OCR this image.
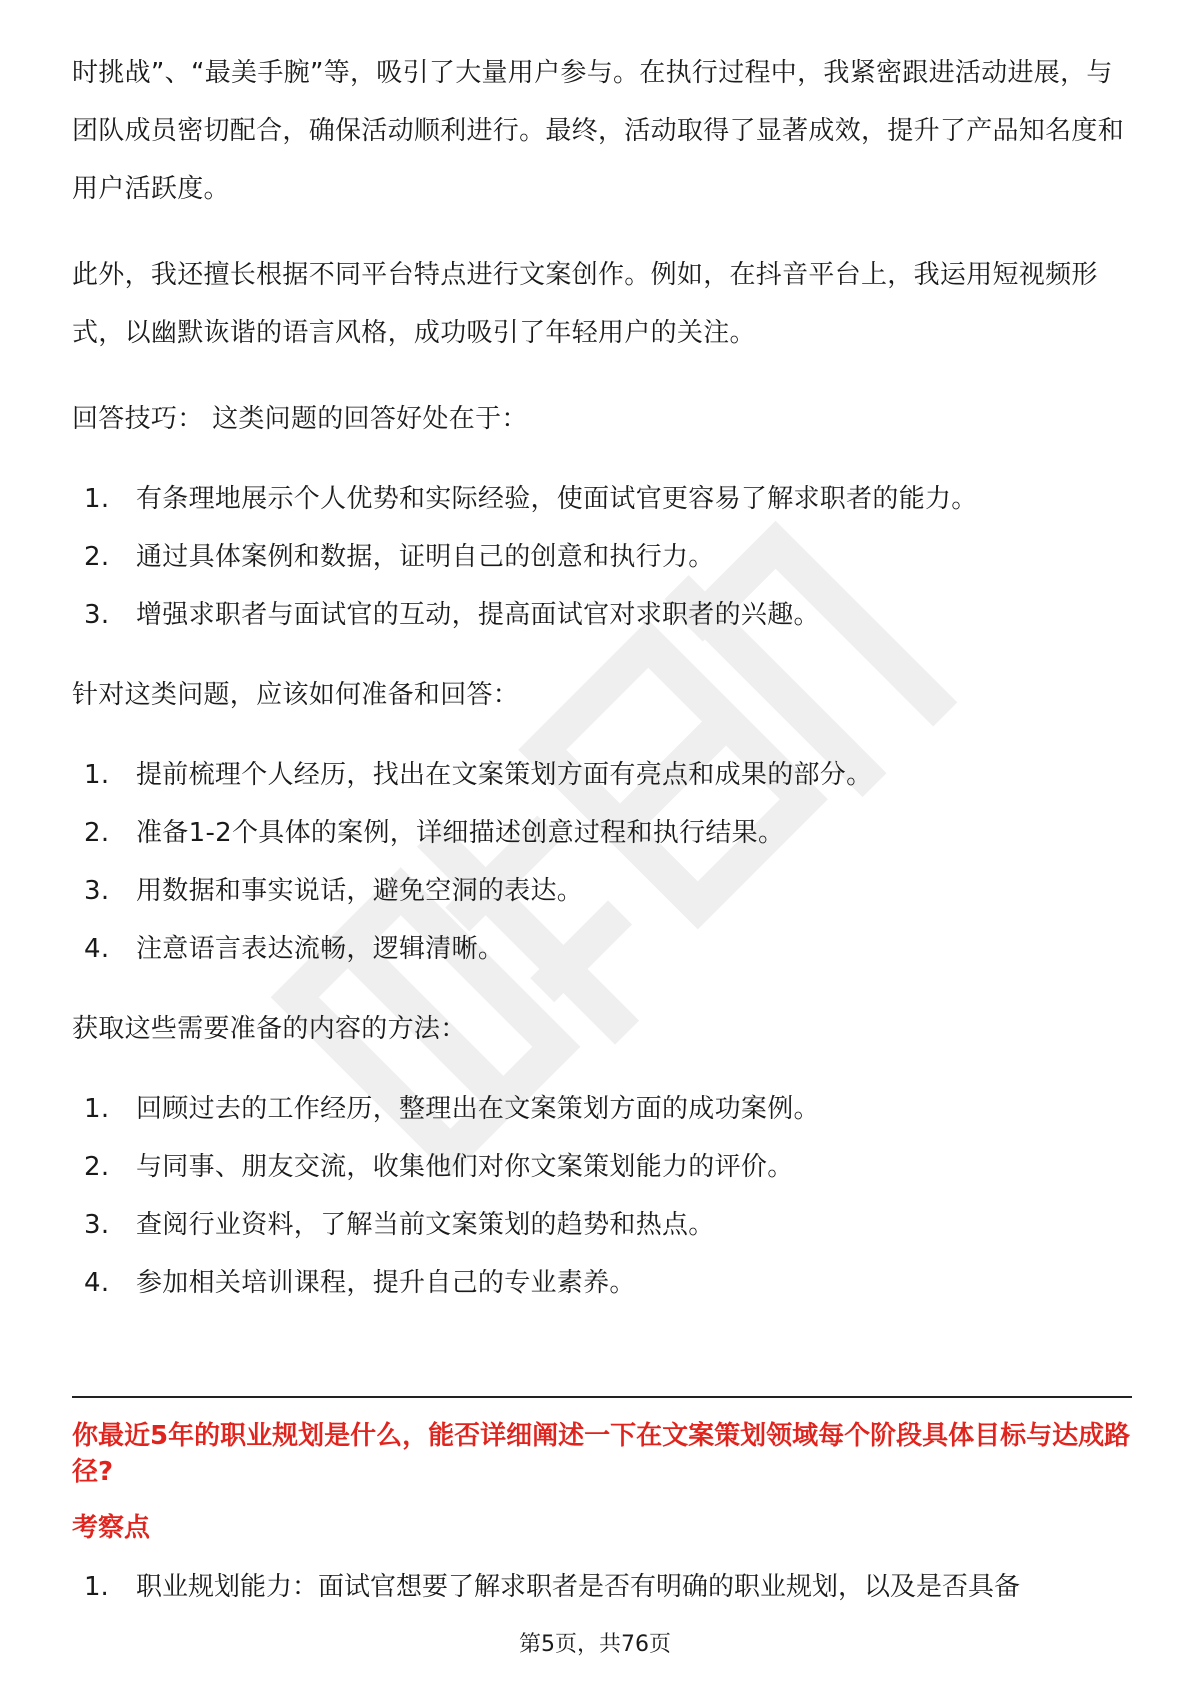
时挑战”、“最美手腕”等，吸引了大量用户参与。在执行过程中，我紧密跟进活动进展，与团队成员密切配合，确保活动顺利进行。最终，活动取得了显著成效，提升了产品知名度和用户活跃度。

此外，我还擅长根据不同平台特点进行文案创作。例如，在抖音平台上，我运用短视频形式，以幽默诙谐的语言风格，成功吸引了年轻用户的关注。

回答技巧： 这类问题的回答好处在于：

1.	有条理地展示个人优势和实际经验，使面试官更容易了解求职者的能力。
2.	通过具体案例和数据，证明自己的创意和执行力。
3.	增强求职者与面试官的互动，提高面试官对求职者的兴趣。

针对这类问题，应该如何准备和回答：

1.	提前梳理个人经历，找出在文案策划方面有亮点和成果的部分。
2.	准备1-2个具体的案例，详细描述创意过程和执行结果。
3.	用数据和事实说话，避免空洞的表达。
4.	注意语言表达流畅，逻辑清晰。

获取这些需要准备的内容的方法：

1.	回顾过去的工作经历，整理出在文案策划方面的成功案例。
2.	与同事、朋友交流，收集他们对你文案策划能力的评价。
3.	查阅行业资料，了解当前文案策划的趋势和热点。
4.	参加相关培训课程，提升自己的专业素养。

你最近5年的职业规划是什么，能否详细阐述一下在文案策划领域每个阶段具体目标与达成路径?

考察点

1. 职业规划能力：面试官想要了解求职者是否有明确的职业规划，以及是否具备
第5页，共76页
